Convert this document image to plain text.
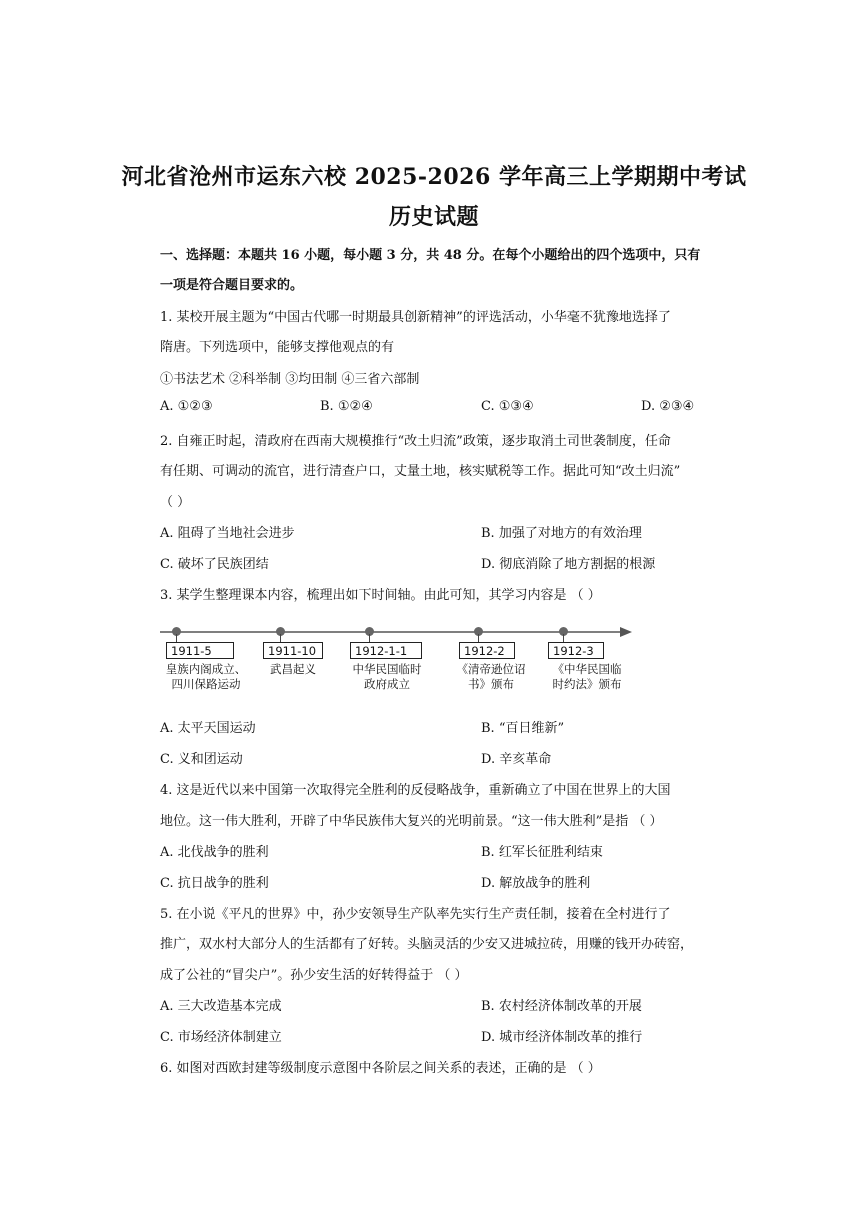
河北省沧州市运东六校 2025-2026 学年高三上学期期中考试
历史试题
一、选择题：本题共 16 小题，每小题 3 分，共 48 分。在每个小题给出的四个选项中，只有
一项是符合题目要求的。
1. 某校开展主题为“中国古代哪一时期最具创新精神”的评选活动，小华毫不犹豫地选择了
隋唐。下列选项中，能够支撑他观点的有
①书法艺术 ②科举制 ③均田制 ④三省六部制
A. ①②③	B. ①②④	C. ①③④	D. ②③④
2. 自雍正时起，清政府在西南大规模推行“改土归流”政策，逐步取消土司世袭制度，任命
有任期、可调动的流官，进行清查户口，丈量土地，核实赋税等工作。据此可知“改土归流”
（ ）
A. 阻碍了当地社会进步	B. 加强了对地方的有效治理
C. 破坏了民族团结	D. 彻底消除了地方割据的根源
3. 某学生整理课本内容，梳理出如下时间轴。由此可知，其学习内容是 （ ）
1911-5	1911-10	1912-1-1	1912-2	1912-3
皇族内阁成立、
四川保路运动
武昌起义	中华民国临时
政府成立
《清帝逊位诏
书》颁布
《中华民国临
时约法》颁布
A. 太平天国运动	B. “百日维新”
C. 义和团运动	D. 辛亥革命
4. 这是近代以来中国第一次取得完全胜利的反侵略战争，重新确立了中国在世界上的大国
地位。这一伟大胜利，开辟了中华民族伟大复兴的光明前景。“这一伟大胜利”是指 （ ）
A. 北伐战争的胜利	B. 红军长征胜利结束
C. 抗日战争的胜利	D. 解放战争的胜利
5. 在小说《平凡的世界》中，孙少安领导生产队率先实行生产责任制，接着在全村进行了
推广，双水村大部分人的生活都有了好转。头脑灵活的少安又进城拉砖，用赚的钱开办砖窑，
成了公社的“冒尖户”。孙少安生活的好转得益于 （ ）
A. 三大改造基本完成	B. 农村经济体制改革的开展
C. 市场经济体制建立	D. 城市经济体制改革的推行
6. 如图对西欧封建等级制度示意图中各阶层之间关系的表述，正确的是 （ ）
